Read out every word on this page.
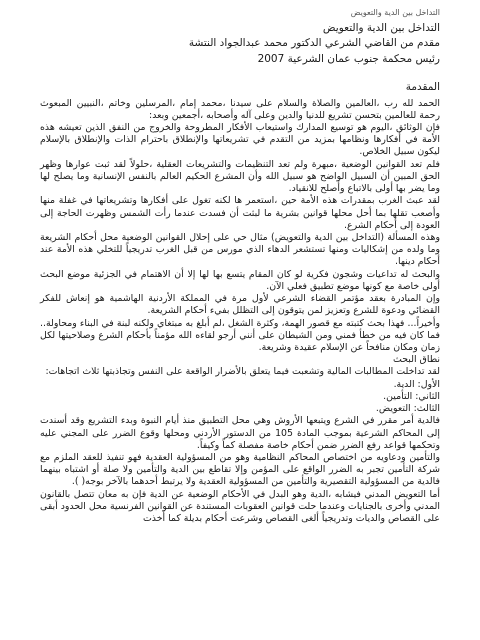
التداخل بين الدية والتعويض

التداخل بين الدية والتعويض

مقدم من القاضي الشرعي الدكتور محمد عبدالجواد النتشة

رئيس محكمة جنوب عمان الشرعية 2007

المقدمة

الحمد لله رب ،العالمين والصلاة والسلام على سيدنا ،محمد إمام ،المرسلين وخاتم ،النبيين المبعوث رحمة للعالمين بتحسن تشريع للدنيا والدين وعلى آله وأصحابه ،أجمعين وبعد:

فإن الوثائق ،اليوم هو توسيع المدارك واستيعاب الأفكار المطروحة والخروج من النفق الذين تعيشه هذه الأمة في أفكارها ونظامها بمزيد من التقدم في تشريعاتها والإنطلاق باحترام الذات والإنطلاق بالإسلام ليكون سبيل الخلاص.

فلم تعد القوانين الوضعية ،مبهرة ولم تعد التنظيمات والتشريعات العقلية ،حلولاً لقد ثبت عوارها وظهر الحق المبين أن السبيل الواضح هو سبيل الله وأن المشرع الحكيم العالم بالنفس الإنسانية وما يصلح لها وما يضر بها أولى بالاتباع وأصلح للانقياد.

لقد عبث الغرب بمقدرات هذه الأمة حين ،استعمر ها لكنه تغول على أفكارها وتشريعاتها في غفلة منها وأصعب تقلها بما أحل محلها قوانين بشرية ما لبثت أن فسدت عندما رأت الشمس وظهرت الحاجة إلى العودة إلى أحكام الشرع.

وهذه المسألة (التداخل بين الدية والتعويض) مثال حي على إحلال القوانين الوضعية محل أحكام الشريعة وما ولده من إشكاليات ومنها تستشعر الدهاء الذي مورس من قبل الغرب تدريجياً للتخلي هذه الأمة عند أحكام دينها.

والبحث له تداعيات وشجون فكرية لو كان المقام يتسع بها لها إلا أن الاهتمام في الجزئية موضع البحث أولى خاصة مع كونها موضع تطبيق فعلي الآن.

وإن المبادرة بعقد مؤتمر القضاء الشرعي لأول مرة في المملكة الأردنية الهاشمية هو إنعاش للفكر القضائي ودعوة للشرع وتعزيز لمن يتوقون إلى التظلل بفيء أحكام الشريعة.

وأخيراً... فهذا بحث كتبته مع قصور الهمة، وكثرة الشغل ،لم أبلغ به مبتغاي ولكنه لبنة في البناء ومحاولة.. فما كان فيه من خطأ فمني ومن الشيطان على أنني أرجو لقاءه الله مؤمناً بأحكام الشرع وصلاحيتها لكل زمان ومكان منافحاً عن الإسلام عقيدة وشريعة.

نطاق البحث

لقد تداخلت المطالبات المالية وتشعبت فيما يتعلق بالأضرار الواقعة على النفس وتجاذبتها ثلاث اتجاهات:

الأول: الدية.

الثاني: التأمين.

الثالث: التعويض.

فالدية أمر مقرر في الشرع ويتبعها الأروش وهي محل التطبيق منذ أيام النبوة وبدء التشريع وقد أسندت إلى المحاكم الشرعية بموجب المادة 105 من الدستور الأردني ومحلها وقوع الضرر على المجني عليه وتحكمها قواعد رفع الضرر ضمن أحكام خاصة مفصلة كماً وكيفاً.

والتأمين ودعاويه من اختصاص المحاكم النظامية وهو من المسؤولية العقدية فهو تنفيذ للعقد الملزم مع شركة التأمين تجبر به الضرر الواقع على المؤمن وإلا تقاطع بين الدية والتأمين ولا صلة أو اشتباه بينهما فالدية من المسؤولية التقصيرية والتأمين من المسؤولية العقدية ولا يرتبط أحدهما بالآخر بوجه( ).

أما التعويض المدني فيشابه ،الدية وهو البدل في الأحكام الوضعية عن الدية فإن به معان تتصل بالقانون المدني وأخرى بالجنايات وعندما حلت قوانين العقوبات المستندة عن القوانين الفرنسية محل الحدود أبقى على القصاص والديات وتدريجياً ألغى القصاص وشرعت أحكام بديلة كما أخذت
